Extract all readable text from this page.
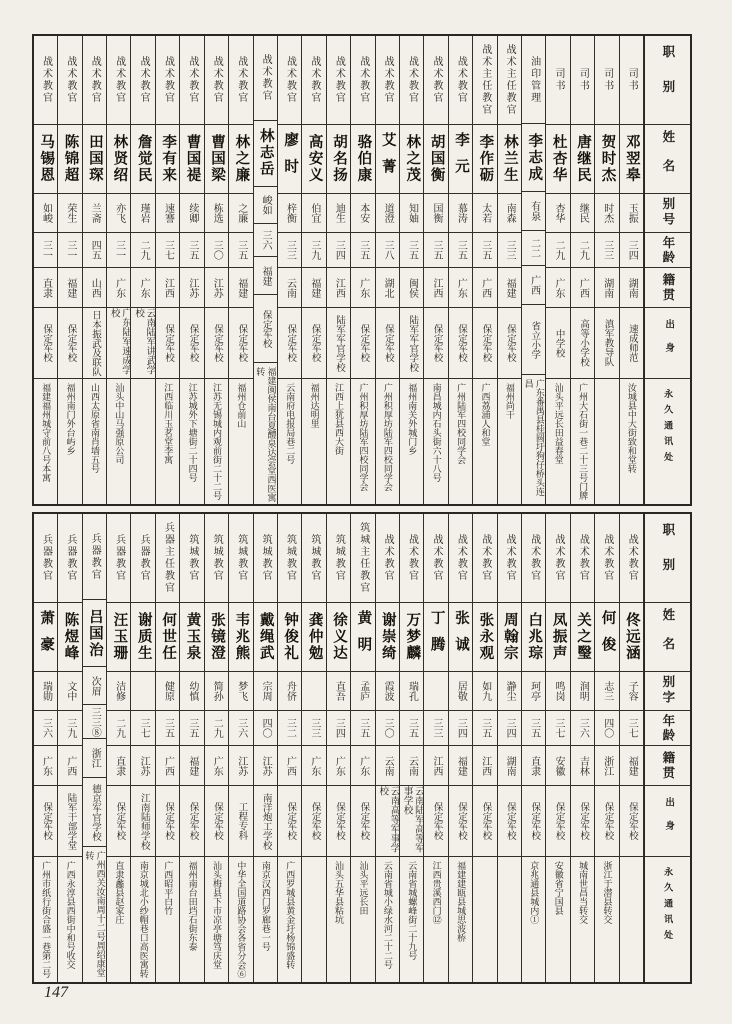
职别
姓名
别号
年龄
籍贯
出身
永久通讯处
司书
邓翌皋
玉振
三四
湖南
速成师范
汝城县中大街致和堂转
司书
贺时杰
时杰
三三
湖南
滇军教导队
司书
唐继民
继民
二九
广西
高等小学校
广州大石街一巷二十三号门牌
司书
杜杏华
杏华
二九
广东
中学校
汕头平远长田益春堂
油印管理
李志成
有泉
二二
广西
省立小学
广东番禺县桂圆圩狗仔桥头连昌
战术主任教官
林兰生
南森
三三
福建
保定军校
福州尚干
战术主任教官
李作砺
太若
三五
广西
保定军校
广西荔浦人和堂
战术教官
李元
慕涛
三五
广东
保定军校
广州陆军四校同学会
战术教官
胡国衡
国衡
三五
江西
保定军校
南昌城内石头街六十八号
战术教官
林之茂
知妯
三五
闽侯
陆军军官学校
福州南关外城门乡
战术教官
艾菁
道澄
三八
湖北
保定军校
广州积厚坊陆军四校同学会
战术教官
骆伯康
本安
三五
广东
保定军校
广州积厚坊陆军四校同学会
战术教官
胡名扬
迪生
三四
江西
陆军军官学校
江西上犹县西大街
战术教官
高安义
伯宜
三九
福建
保定军校
福州达明里
战术教官
廖时
梓衡
三三
云南
保定军校
云南府电报局巷二号
战术教官
林志岳
峻如
三六
福建
保定军校
福建闽侯南台夏醴泉达尝堂西医寓转
战术教官
林之廉
之廉
三五
福建
保定军校
福州仓前山
战术教官
曹国梁
栋选
三〇
江苏
保定军校
江苏无锡城内观前街二十二号
战术教官
曹国禔
续卿
三五
江苏
保定军校
江苏城外下塘街二十四号
战术教官
李有来
速謇
三七
江西
保定军校
江西临川玉茗堂李寓
战术教官
詹觉民
瑾岩
二九
广东
云南陆军讲武学校
战术教官
林贤绍
亦飞
三一
广东
广东陆军速成学校
汕头中山马强原公司
战术教官
田国琛
兰斋
四五
山西
日本振武及联队
山西太原省南肖墙五号
战术教官
陈锦超
荣生
三一
福建
保定军校
福州南门外台屿乡
战术教官
马锡恩
如峻
三一
直隶
保定军校
福建福州城守前八号本寓
职别
姓名
别字
年龄
籍贯
出身
永久通讯处
战术教官
佟远涵
子容
三七
福建
保定军校
战术教官
何俊
志三
四〇
浙江
保定军校
浙江于潜县转交
战术教官
关之瑿
润明
三六
吉林
保定军校
城南世昌当转交
战术教官
凤振声
鸣岗
三七
安徽
保定军校
安徽省宁国县
战术教官
白兆琮
珂亭
三五
直隶
保定军校
京兆通县城内①
战术教官
周翰宗
瀞尘
三四
湖南
保定军校
战术教官
张永观
如九
三五
江西
保定军校
战术教官
张诚
居敬
三四
福建
保定军校
福建建瓯县城思波桥
战术教官
丁腾
三三
江西
保定军校
江西贵溪西门⑫
战术教官
万梦麟
瑞孔
三五
云南
云南陆军高等军事学校
云南省城螺峰街二十九号
战术教官
谢崇绮
霞波
三〇
云南
云南高等军事学校
云南省城小绿水河二十二号
筑城主任教官
黄明
孟庐
三五
广东
保定军校
汕头平远长田
筑城教官
徐义达
直吾
三四
广东
保定军校
汕头五华县粘坑
筑城教官
龚仲勉
三三
广东
保定军校
筑城教官
钟俊礼
舟侪
三二
广西
保定军校
广西罗城县黄金圩杨锦盛转
筑城教官
戴绳武
宗周
四〇
江苏
南洋炮工学校
南京汉西门罗廊巷一号
筑城教官
韦兆熊
梦飞
三六
江苏
工程专科
中华全国道路协会各省分会⑥
筑城教官
张镜澄
简孙
二九
广东
保定军校
汕头梅县下市凉亭塘笃庆堂
筑城教官
黄玉泉
幼慎
三五
福建
保定军校
福州南台田垱石街东泰
兵器主任教官
何世任
健原
三五
广西
保定军校
广西昭平白竹
兵器教官
谢质生
三七
江苏
江南陆师学校
南京城北小纱帽巷口高医寓转
兵器教官
汪玉珊
洁修
二九
直隶
保定军校
直隶蠡县赵家庄
兵器教官
吕国治
次眉
三三⑧
浙江
德京军官学校
广州西关汝南周十二号周绍康堂转
兵器教官
陈煜峰
文中
三九
广西
陆军干部学堂
广西永淳县西街中和号收交
兵器教官
萧豪
瑞勋
三六
广东
保定军校
广州市纸行街合盛一巷第二号
147
